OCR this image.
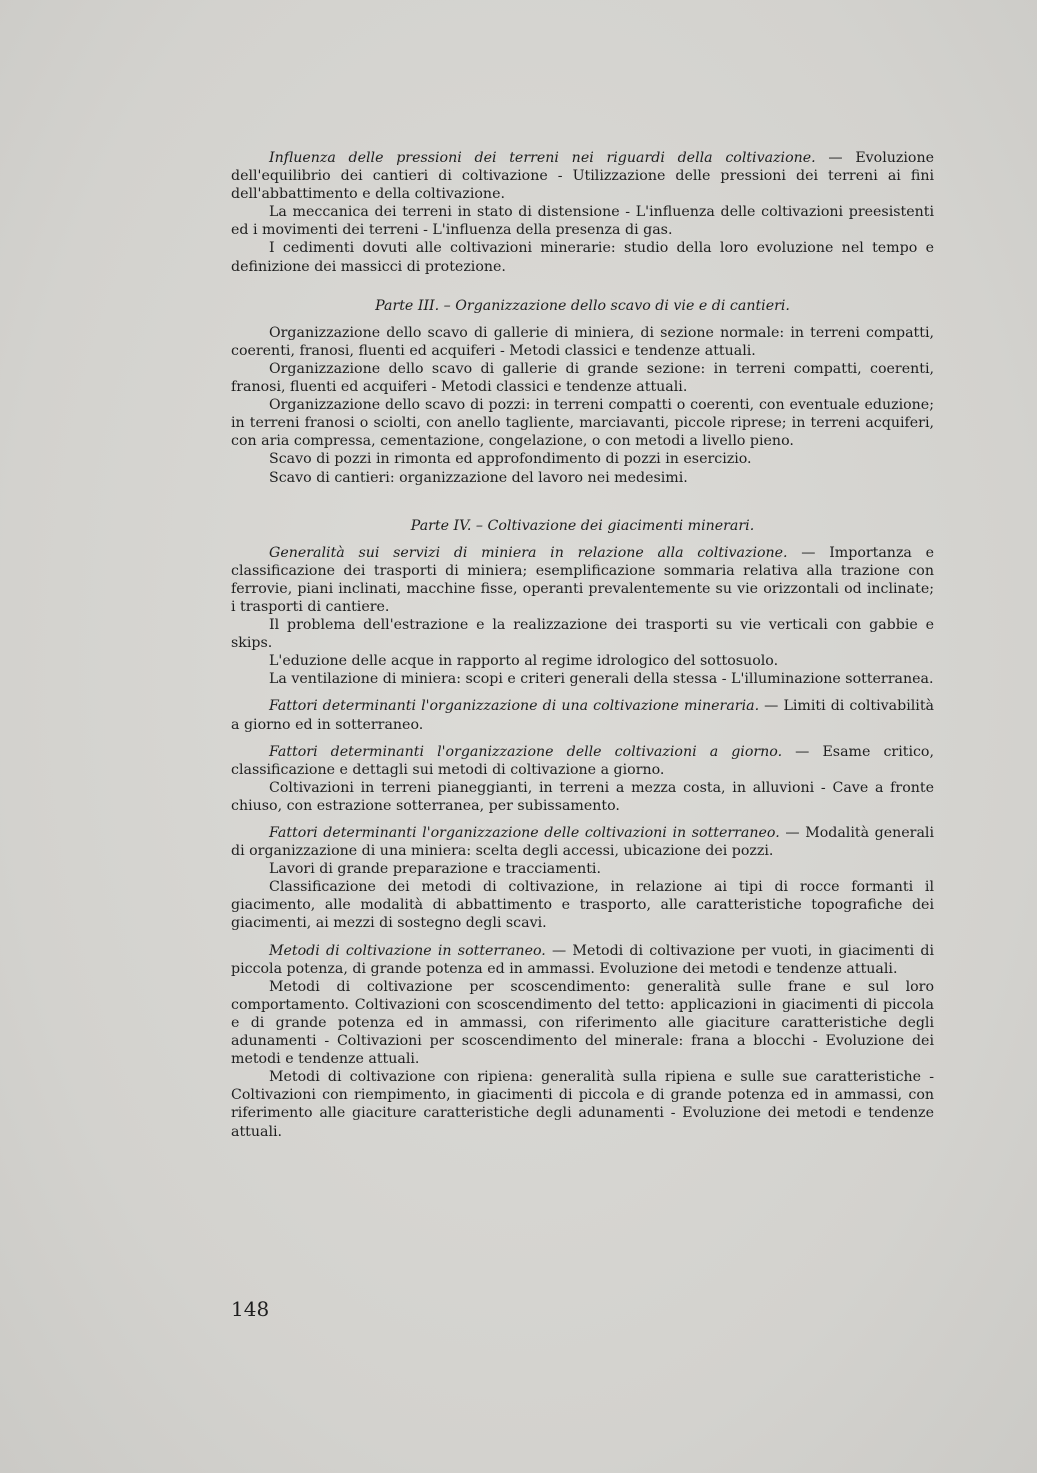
Influenza delle pressioni dei terreni nei riguardi della coltivazione. — Evoluzione dell'equilibrio dei cantieri di coltivazione - Utilizzazione delle pressioni dei terreni ai fini dell'abbattimento e della coltivazione.

La meccanica dei terreni in stato di distensione - L'influenza delle coltivazioni preesistenti ed i movimenti dei terreni - L'influenza della presenza di gas.

I cedimenti dovuti alle coltivazioni minerarie: studio della loro evoluzione nel tempo e definizione dei massicci di protezione.

Parte III. – Organizzazione dello scavo di vie e di cantieri.

Organizzazione dello scavo di gallerie di miniera, di sezione normale: in terreni compatti, coerenti, franosi, fluenti ed acquiferi - Metodi classici e tendenze attuali.

Organizzazione dello scavo di gallerie di grande sezione: in terreni compatti, coerenti, franosi, fluenti ed acquiferi - Metodi classici e tendenze attuali.

Organizzazione dello scavo di pozzi: in terreni compatti o coerenti, con eventuale eduzione; in terreni franosi o sciolti, con anello tagliente, marciavanti, piccole riprese; in terreni acquiferi, con aria compressa, cementazione, congelazione, o con metodi a livello pieno.

Scavo di pozzi in rimonta ed approfondimento di pozzi in esercizio.

Scavo di cantieri: organizzazione del lavoro nei medesimi.

Parte IV. – Coltivazione dei giacimenti minerari.

Generalità sui servizi di miniera in relazione alla coltivazione. — Importanza e classificazione dei trasporti di miniera; esemplificazione sommaria relativa alla trazione con ferrovie, piani inclinati, macchine fisse, operanti prevalentemente su vie orizzontali od inclinate; i trasporti di cantiere.

Il problema dell'estrazione e la realizzazione dei trasporti su vie verticali con gabbie e skips.

L'eduzione delle acque in rapporto al regime idrologico del sottosuolo.

La ventilazione di miniera: scopi e criteri generali della stessa - L'illuminazione sotterranea.

Fattori determinanti l'organizzazione di una coltivazione mineraria. — Limiti di coltivabilità a giorno ed in sotterraneo.

Fattori determinanti l'organizzazione delle coltivazioni a giorno. — Esame critico, classificazione e dettagli sui metodi di coltivazione a giorno.

Coltivazioni in terreni pianeggianti, in terreni a mezza costa, in alluvioni - Cave a fronte chiuso, con estrazione sotterranea, per subissamento.

Fattori determinanti l'organizzazione delle coltivazioni in sotterraneo. — Modalità generali di organizzazione di una miniera: scelta degli accessi, ubicazione dei pozzi.

Lavori di grande preparazione e tracciamenti.

Classificazione dei metodi di coltivazione, in relazione ai tipi di rocce formanti il giacimento, alle modalità di abbattimento e trasporto, alle caratteristiche topografiche dei giacimenti, ai mezzi di sostegno degli scavi.

Metodi di coltivazione in sotterraneo. — Metodi di coltivazione per vuoti, in giacimenti di piccola potenza, di grande potenza ed in ammassi. Evoluzione dei metodi e tendenze attuali.

Metodi di coltivazione per scoscendimento: generalità sulle frane e sul loro comportamento. Coltivazioni con scoscendimento del tetto: applicazioni in giacimenti di piccola e di grande potenza ed in ammassi, con riferimento alle giaciture caratteristiche degli adunamenti - Coltivazioni per scoscendimento del minerale: frana a blocchi - Evoluzione dei metodi e tendenze attuali.

Metodi di coltivazione con ripiena: generalità sulla ripiena e sulle sue caratteristiche - Coltivazioni con riempimento, in giacimenti di piccola e di grande potenza ed in ammassi, con riferimento alle giaciture caratteristiche degli adunamenti - Evoluzione dei metodi e tendenze attuali.

148
